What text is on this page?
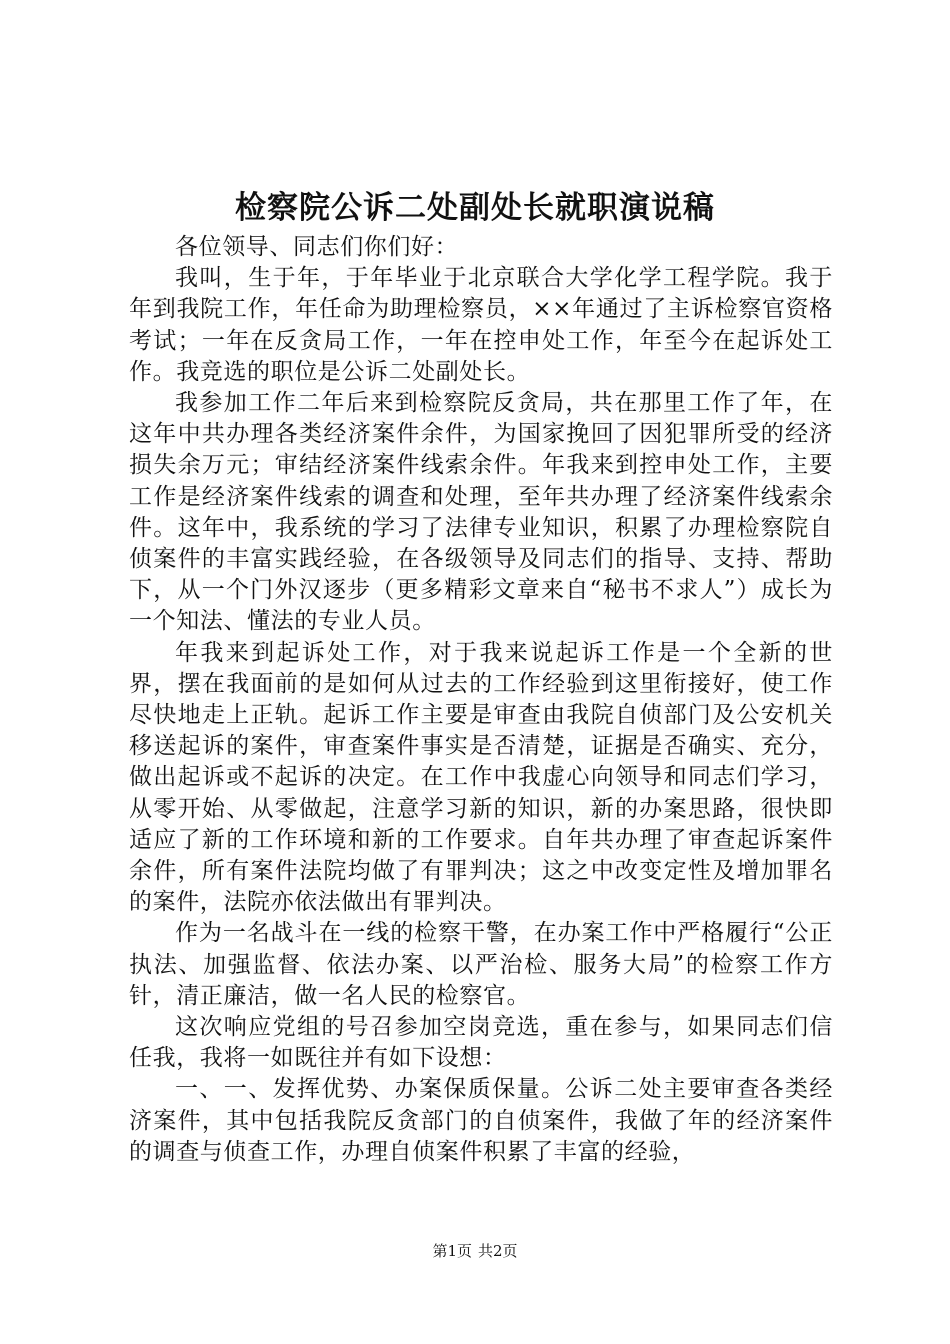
检察院公诉二处副处长就职演说稿

各位领导、同志们你们好：

我叫，生于年，于年毕业于北京联合大学化学工程学院。我于年到我院工作，年任命为助理检察员，××年通过了主诉检察官资格考试；一年在反贪局工作，一年在控申处工作，年至今在起诉处工作。我竞选的职位是公诉二处副处长。

我参加工作二年后来到检察院反贪局，共在那里工作了年，在这年中共办理各类经济案件余件，为国家挽回了因犯罪所受的经济损失余万元；审结经济案件线索余件。年我来到控申处工作，主要工作是经济案件线索的调查和处理，至年共办理了经济案件线索余件。这年中，我系统的学习了法律专业知识，积累了办理检察院自侦案件的丰富实践经验，在各级领导及同志们的指导、支持、帮助下，从一个门外汉逐步（更多精彩文章来自“秘书不求人”）成长为一个知法、懂法的专业人员。

年我来到起诉处工作，对于我来说起诉工作是一个全新的世界，摆在我面前的是如何从过去的工作经验到这里衔接好，使工作尽快地走上正轨。起诉工作主要是审查由我院自侦部门及公安机关移送起诉的案件，审查案件事实是否清楚，证据是否确实、充分，做出起诉或不起诉的决定。在工作中我虚心向领导和同志们学习，从零开始、从零做起，注意学习新的知识，新的办案思路，很快即适应了新的工作环境和新的工作要求。自年共办理了审查起诉案件余件，所有案件法院均做了有罪判决；这之中改变定性及增加罪名的案件，法院亦依法做出有罪判决。

作为一名战斗在一线的检察干警，在办案工作中严格履行“公正执法、加强监督、依法办案、以严治检、服务大局”的检察工作方针，清正廉洁，做一名人民的检察官。

这次响应党组的号召参加空岗竞选，重在参与，如果同志们信任我，我将一如既往并有如下设想：

一、一、发挥优势、办案保质保量。公诉二处主要审查各类经济案件，其中包括我院反贪部门的自侦案件，我做了年的经济案件的调查与侦查工作，办理自侦案件积累了丰富的经验，

第1页 共2页
